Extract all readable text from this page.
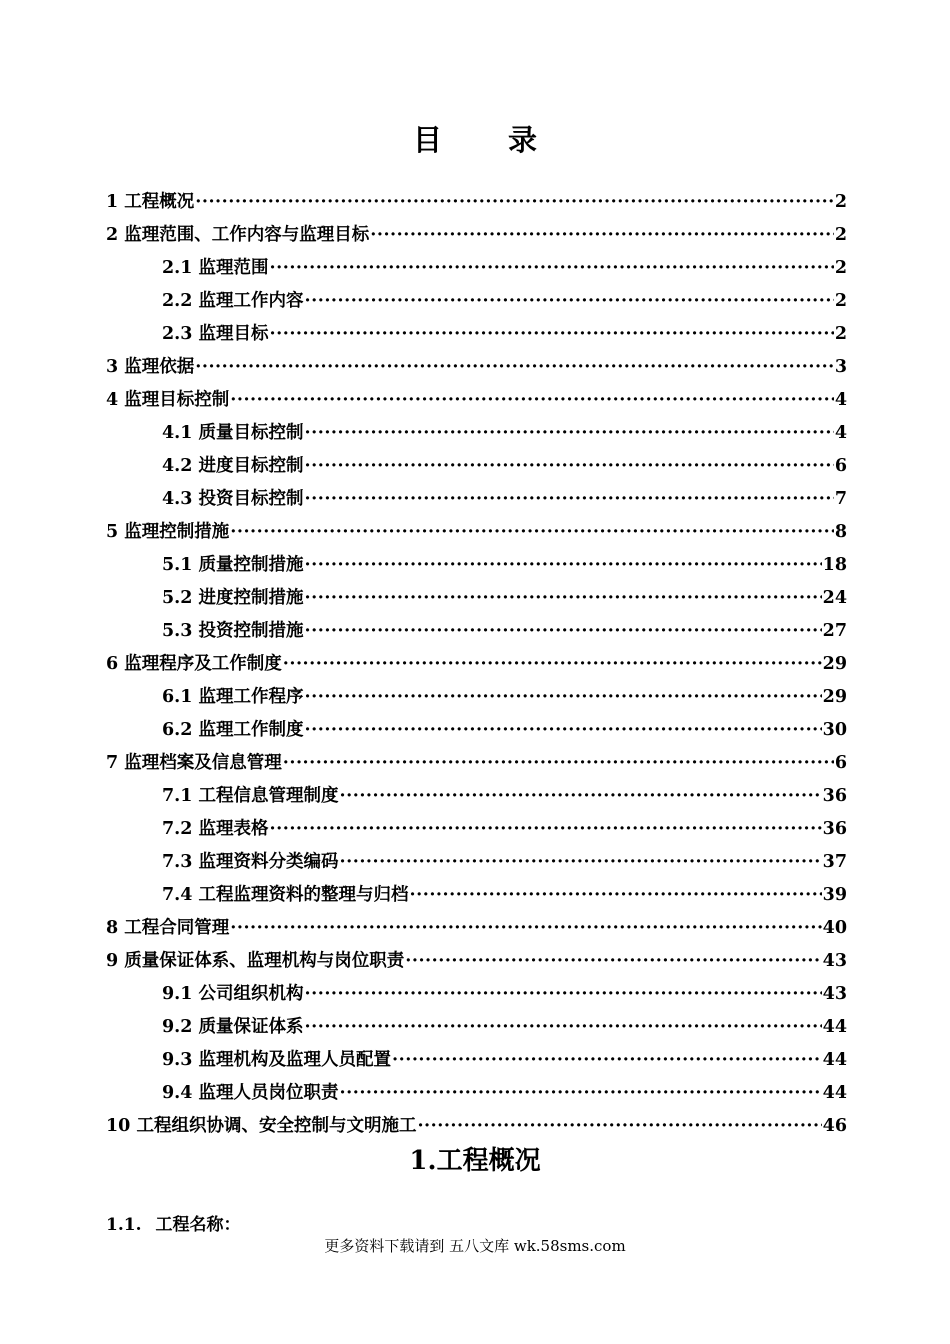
目 录
1 工程概况 ·····	2
2 监理范围、工作内容与监理目标 ·····	2
2.1 监理范围 ·····	2
2.2 监理工作内容 ·····	2
2.3 监理目标 ·····	2
3 监理依据 ·····	3
4 监理目标控制 ·····	4
4.1 质量目标控制 ·····	4
4.2 进度目标控制 ·····	6
4.3 投资目标控制 ·····	7
5 监理控制措施 ·····	8
5.1 质量控制措施 ·····	18
5.2 进度控制措施 ·····	24
5.3 投资控制措施 ·····	27
6 监理程序及工作制度 ·····	29
6.1 监理工作程序 ·····	29
6.2 监理工作制度 ·····	30
7 监理档案及信息管理 ·····	6
7.1 工程信息管理制度 ·····	36
7.2 监理表格 ·····	36
7.3 监理资料分类编码 ·····	37
7.4 工程监理资料的整理与归档 ·····	39
8 工程合同管理 ·····	40
9 质量保证体系、监理机构与岗位职责 ·····	43
9.1 公司组织机构 ·····	43
9.2 质量保证体系 ·····	44
9.3 监理机构及监理人员配置 ·····	44
9.4 监理人员岗位职责 ·····	44
10 工程组织协调、安全控制与文明施工 ·····	46
1.工程概况
1.1. 工程名称：
更多资料下载请到 五八文库 wk.58sms.com
